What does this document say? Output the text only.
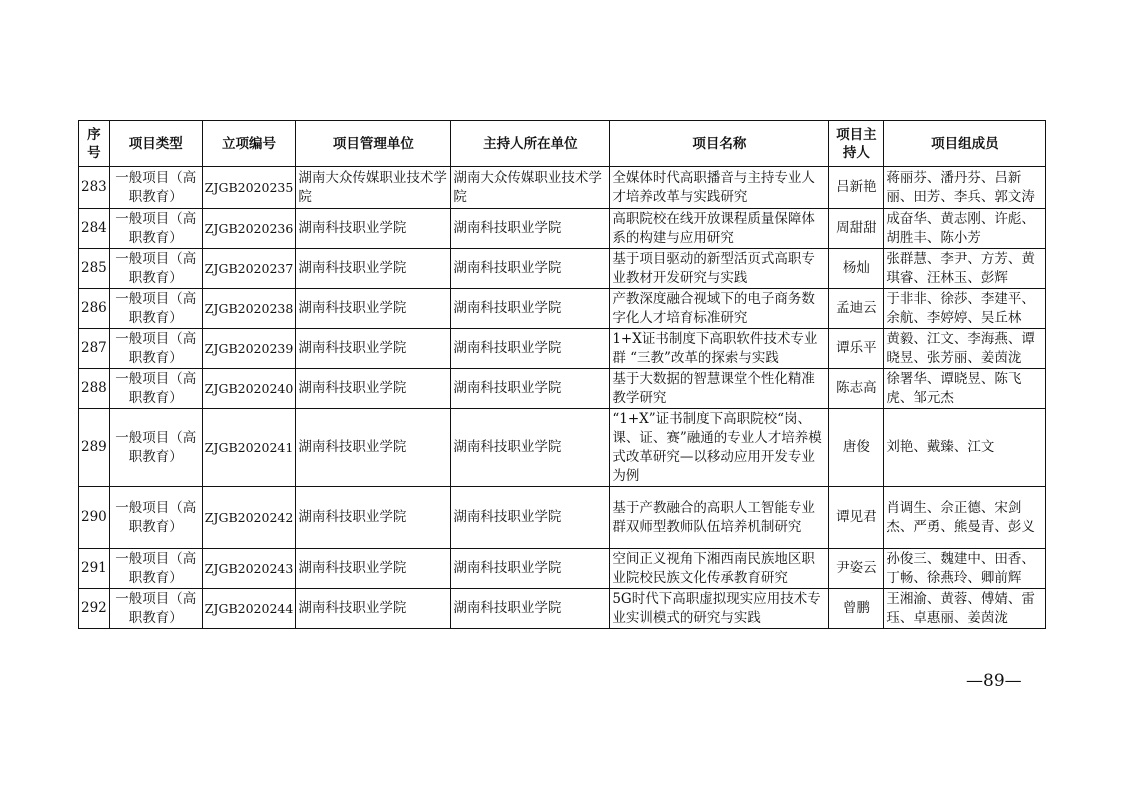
序号	项目类型	立项编号	项目管理单位	主持人所在单位	项目名称	项目主持人	项目组成员
283	一般项目（高职教育）	ZJGB2020235	湖南大众传媒职业技术学院	湖南大众传媒职业技术学院	全媒体时代高职播音与主持专业人才培养改革与实践研究	吕新艳	蒋丽芬、潘丹芬、吕新丽、田芳、李兵、郭文涛
284	一般项目（高职教育）	ZJGB2020236	湖南科技职业学院	湖南科技职业学院	高职院校在线开放课程质量保障体系的构建与应用研究	周甜甜	成奋华、黄志刚、许彪、胡胜丰、陈小芳
285	一般项目（高职教育）	ZJGB2020237	湖南科技职业学院	湖南科技职业学院	基于项目驱动的新型活页式高职专业教材开发研究与实践	杨灿	张群慧、李尹、方芳、黄琪睿、汪林玉、彭辉
286	一般项目（高职教育）	ZJGB2020238	湖南科技职业学院	湖南科技职业学院	产教深度融合视域下的电子商务数字化人才培育标准研究	孟迪云	于非非、徐莎、李建平、余航、李婷婷、吴丘林
287	一般项目（高职教育）	ZJGB2020239	湖南科技职业学院	湖南科技职业学院	1+X证书制度下高职软件技术专业群 “三教”改革的探索与实践	谭乐平	黄毅、江文、李海燕、谭晓昱、张芳丽、姜茵泷
288	一般项目（高职教育）	ZJGB2020240	湖南科技职业学院	湖南科技职业学院	基于大数据的智慧课堂个性化精准教学研究	陈志高	徐署华、谭晓昱、陈飞虎、邹元杰
289	一般项目（高职教育）	ZJGB2020241	湖南科技职业学院	湖南科技职业学院	“1+X”证书制度下高职院校“岗、课、证、赛”融通的专业人才培养模式改革研究—以移动应用开发专业为例	唐俊	刘艳、戴臻、江文
290	一般项目（高职教育）	ZJGB2020242	湖南科技职业学院	湖南科技职业学院	基于产教融合的高职人工智能专业群双师型教师队伍培养机制研究	谭见君	肖调生、佘正德、宋剑杰、严勇、熊曼青、彭义
291	一般项目（高职教育）	ZJGB2020243	湖南科技职业学院	湖南科技职业学院	空间正义视角下湘西南民族地区职业院校民族文化传承教育研究	尹姿云	孙俊三、魏建中、田香、丁畅、徐燕玲、卿前辉
292	一般项目（高职教育）	ZJGB2020244	湖南科技职业学院	湖南科技职业学院	5G时代下高职虚拟现实应用技术专业实训模式的研究与实践	曾鹏	王湘渝、黄蓉、傅婧、雷珏、卓惠丽、姜茵泷
—89—
